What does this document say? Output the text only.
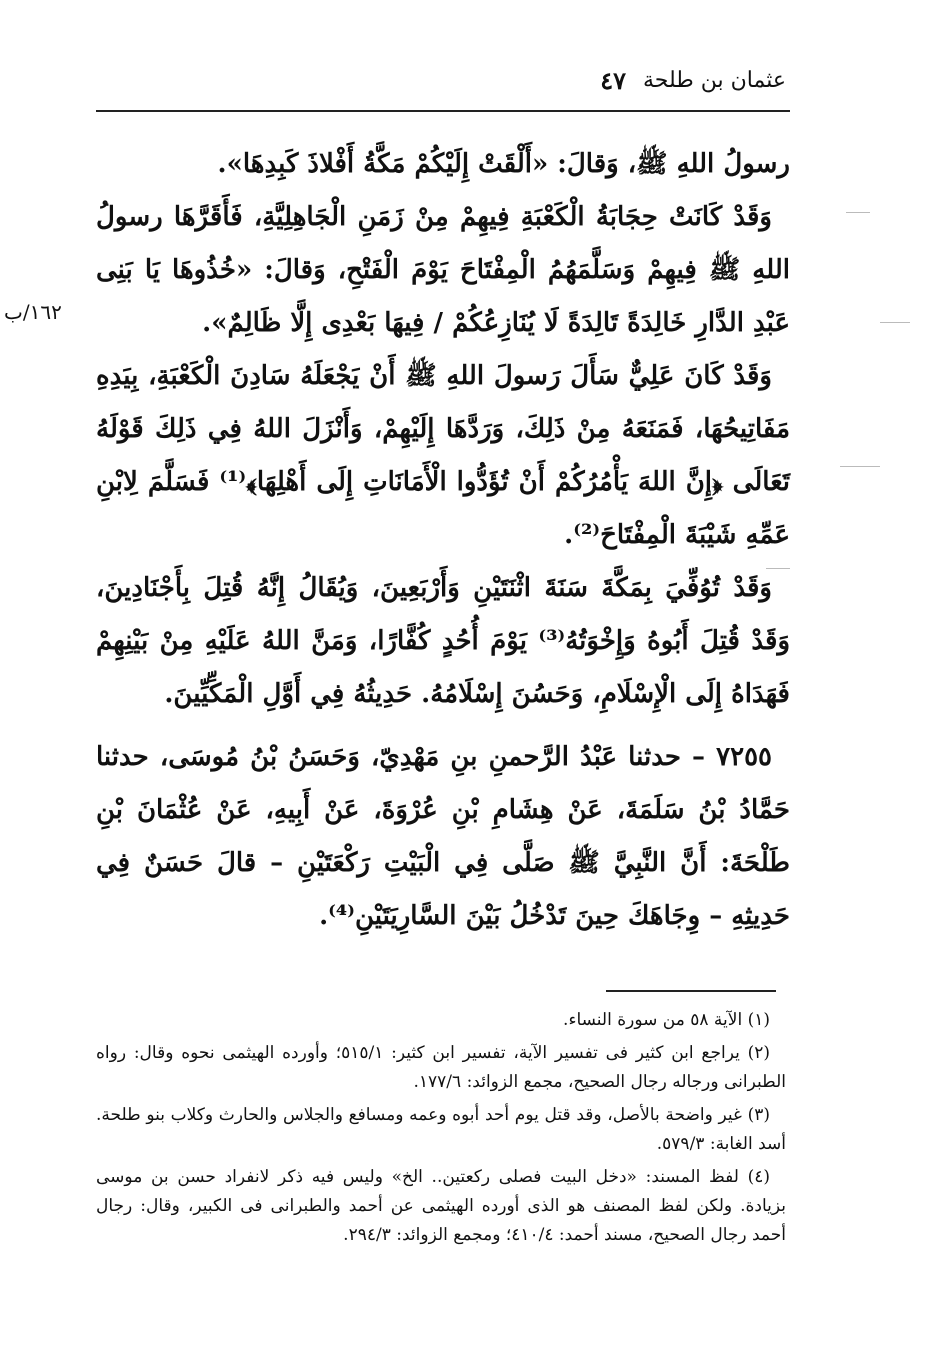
عثمان بن طلحة
٤٧
١٦٢/ب

رسولُ اللهِ ﷺ، وَقالَ: «أَلْقَتْ إِلَيْكُمْ مَكَّةُ أَفْلاذَ كَبِدِهَا».

وَقَدْ كَانَتْ حِجَابَةُ الْكَعْبَةِ فِيهِمْ مِنْ زَمَنِ الْجَاهِلِيَّةِ، فَأَقَرَّهَا رسولُ اللهِ ﷺ فِيهِمْ وَسَلَّمَهُمُ الْمِفْتَاحَ يَوْمَ الْفَتْحِ، وَقالَ: «خُذُوهَا يَا بَنِى عَبْدِ الدَّارِ خَالِدَةً تَالِدَةً لَا يُنَازِعُكُمْ / فِيهَا بَعْدِى إِلَّا ظَالِمٌ».

وَقَدْ كَانَ عَلِيٌّ سَأَلَ رَسولَ اللهِ ﷺ أَنْ يَجْعَلَهُ سَادِنَ الْكَعْبَةِ، بِيَدِهِ مَفَاتِيحُهَا، فَمَنَعَهُ مِنْ ذَلِكَ، وَرَدَّهَا إِلَيْهِمْ، وَأَنْزَلَ اللهُ فِي ذَلِكَ قَوْلَهُ تَعَالَى ﴿إِنَّ اللهَ يَأْمُرُكُمْ أَنْ تُؤَدُّوا الْأَمَانَاتِ إِلَى أَهْلِهَا﴾⁽¹⁾ فَسَلَّمَ لِابْنِ عَمِّهِ شَيْبَةَ الْمِفْتَاحَ⁽²⁾.

وَقَدْ تُوُفِّيَ بِمَكَّةَ سَنَةَ اثْنَتَيْنِ وَأَرْبَعِينَ، وَيُقَالُ إِنَّهُ قُتِلَ بِأَجْنَادِينَ، وَقَدْ قُتِلَ أَبُوهُ وَإِخْوَتُهُ⁽³⁾ يَوْمَ أُحُدٍ كُفَّارًا، وَمَنَّ اللهُ عَلَيْهِ مِنْ بَيْنِهِمْ فَهَدَاهُ إِلَى الْإِسْلَامِ، وَحَسُنَ إِسْلَامُهُ. حَدِيثُهُ فِي أَوَّلِ الْمَكِّيِّينَ.

٧٢٥٥ – حدثنا عَبْدُ الرَّحمنِ بنِ مَهْدِيّ، وَحَسَنُ بْنُ مُوسَى، حدثنا حَمَّادُ بْنُ سَلَمَةَ، عَنْ هِشَامِ بْنِ عُرْوَةَ، عَنْ أَبِيهِ، عَنْ عُثْمَانَ بْنِ طَلْحَةَ: أَنَّ النَّبِيَّ ﷺ صَلَّى فِي الْبَيْتِ رَكْعَتَيْنِ – قالَ حَسَنٌ فِي حَدِيثِهِ – وِجَاهَكَ حِينَ تَدْخُلُ بَيْنَ السَّارِيَتَيْنِ⁽⁴⁾.

(١) الآية ٥٨ من سورة النساء.

(٢) يراجع ابن كثير فى تفسير الآية، تفسير ابن كثير: ٥١٥/١؛ وأورده الهيثمى نحوه وقال: رواه الطبرانى ورجاله رجال الصحيح، مجمع الزوائد: ١٧٧/٦.

(٣) غير واضحة بالأصل، وقد قتل يوم أحد أبوه وعمه ومسافع والجلاس والحارث وكلاب بنو طلحة. أسد الغابة: ٥٧٩/٣.

(٤) لفظ المسند: «دخل البيت فصلى ركعتين.. الخ» وليس فيه ذكر لانفراد حسن بن موسى بزيادة. ولكن لفظ المصنف هو الذى أورده الهيثمى عن أحمد والطبرانى فى الكبير، وقال: رجال أحمد رجال الصحيح، مسند أحمد: ٤١٠/٤؛ ومجمع الزوائد: ٢٩٤/٣.
